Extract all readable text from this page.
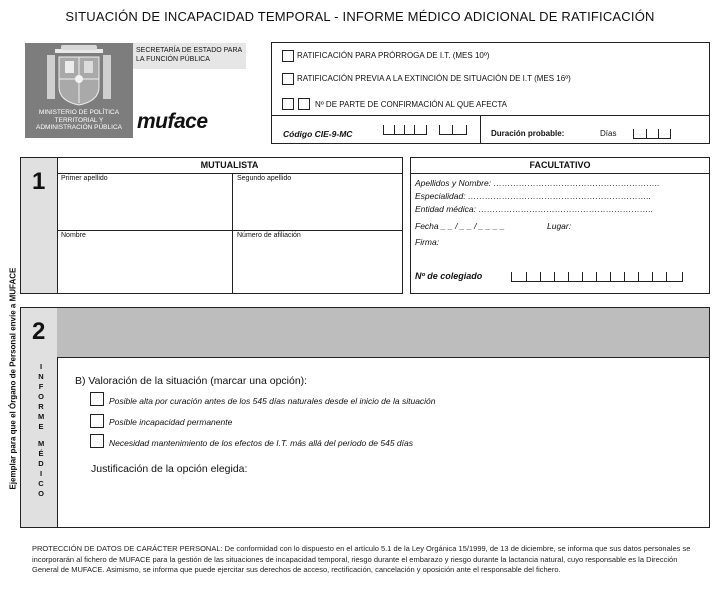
SITUACIÓN DE INCAPACIDAD TEMPORAL - INFORME MÉDICO ADICIONAL DE RATIFICACIÓN
MINISTERIO DE POLÍTICA TERRITORIAL Y ADMINISTRACIÓN PÚBLICA
SECRETARÍA DE ESTADO PARA LA FUNCIÓN PÚBLICA
muface
RATIFICACIÓN PARA PRÓRROGA DE I.T. (MES 10º)
RATIFICACIÓN PREVIA A LA EXTINCIÓN DE SITUACIÓN DE I.T (MES 16º)
Nº DE PARTE DE CONFIRMACIÓN AL QUE AFECTA
Código CIE-9-MC	Duración probable:	Días
1
MUTUALISTA
Primer apellido	Segundo apellido
Nombre	Número de afiliación
FACULTATIVO
Apellidos y Nombre: …………………………………………………..
Especialidad: ………………………………………………………..
Entidad médica: ……………………………………………………..
Fecha _ _ / _ _ / _ _ _ _	Lugar:
Firma:
Nº de colegiado
Ejemplar para que el Órgano de Personal envíe a MUFACE 2
I
N
F
O
R
M
E
M
É
D
I
C
O
B) Valoración de la situación (marcar una opción):
Posible alta por curación antes de los 545 días naturales desde el inicio de la situación
Posible incapacidad permanente
Necesidad mantenimiento de los efectos de I.T. más allá del periodo de 545 días
Justificación de la opción elegida:
PROTECCIÓN DE DATOS DE CARÁCTER PERSONAL: De conformidad con lo dispuesto en el artículo 5.1 de la Ley Orgánica 15/1999, de 13 de diciembre, se informa que sus datos personales se incorporarán al fichero de MUFACE para la gestión de las situaciones de incapacidad temporal, riesgo durante el embarazo y riesgo durante la lactancia natural, cuyo responsable es la Dirección General de MUFACE. Asimismo, se informa que puede ejercitar sus derechos de acceso, rectificación, cancelación y oposición ante el responsable del fichero.
